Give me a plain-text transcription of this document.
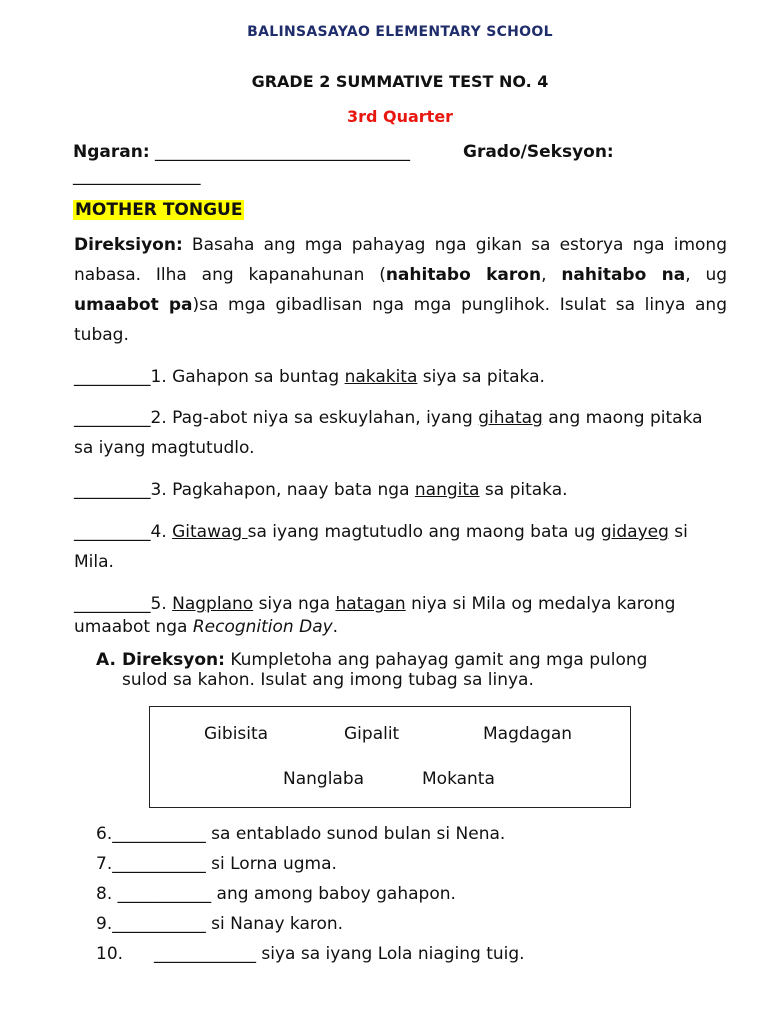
BALINSASAYAO ELEMENTARY SCHOOL
GRADE 2 SUMMATIVE TEST NO. 4
3rd Quarter
Ngaran: ______________________________	Grado/Seksyon:
_______________
MOTHER TONGUE
Direksiyon: Basaha ang mga pahayag nga gikan sa estorya nga imong nabasa. Ilha ang kapanahunan (nahitabo karon, nahitabo na, ug umaabot pa)sa mga gibadlisan nga mga punglihok. Isulat sa linya ang tubag.
_________1. Gahapon sa buntag nakakita siya sa pitaka.
_________2. Pag-abot niya sa eskuylahan, iyang gihatag ang maong pitaka sa iyang magtutudlo.
_________3. Pagkahapon, naay bata nga nangita sa pitaka.
_________4. Gitawag sa iyang magtutudlo ang maong bata ug gidayeg si Mila.
_________5. Nagplano siya nga hatagan niya si Mila og medalya karong umaabot nga Recognition Day.
A. Direksyon: Kumpletoha ang pahayag gamit ang mga pulong sulod sa kahon. Isulat ang imong tubag sa linya.
Gibisita	Gipalit	Magdagan
Nanglaba	Mokanta
6.___________ sa entablado sunod bulan si Nena.
7.___________ si Lorna ugma.
8. ___________ ang among baboy gahapon.
9.___________ si Nanay karon.
10. ____________ siya sa iyang Lola niaging tuig.
